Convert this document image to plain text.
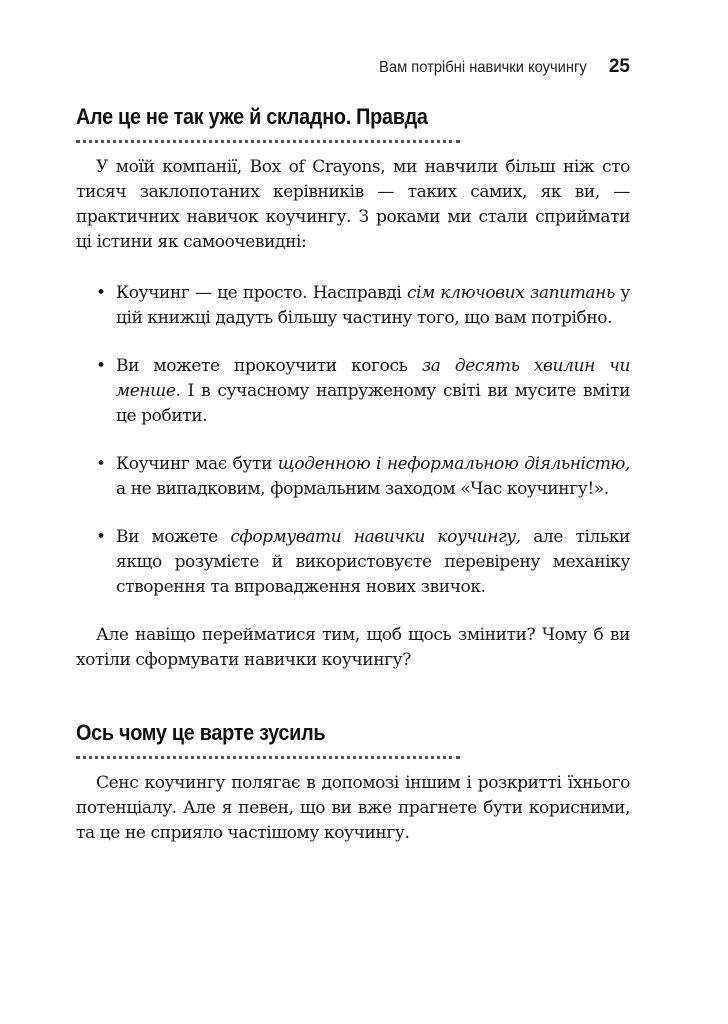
Вам потрібні навички коучингу 25
Але це не так уже й складно. Правда

У моїй компанії, Box of Crayons, ми навчили більш ніж сто тисяч заклопотаних керівників — таких самих, як ви, — практичних навичок коучингу. З роками ми стали сприймати ці істини як самоочевидні:

• Коучинг — це просто. Насправді сім ключових запитань у цій книжці дадуть більшу частину того, що вам потрібно.
• Ви можете прокоучити когось за десять хвилин чи менше. І в сучасному напруженому світі ви мусите вміти це робити.
• Коучинг має бути щоденною і неформальною діяльністю, а не випадковим, формальним заходом «Час коучингу!».
• Ви можете сформувати навички коучингу, але тільки якщо розумієте й використовуєте перевірену механіку створення та впровадження нових звичок.

Але навіщо перейматися тим, щоб щось змінити? Чому б ви хотіли сформувати навички коучингу?

Ось чому це варте зусиль

Сенс коучингу полягає в допомозі іншим і розкритті їхнього потенціалу. Але я певен, що ви вже прагнете бути корисними, та це не сприяло частішому коучингу.
